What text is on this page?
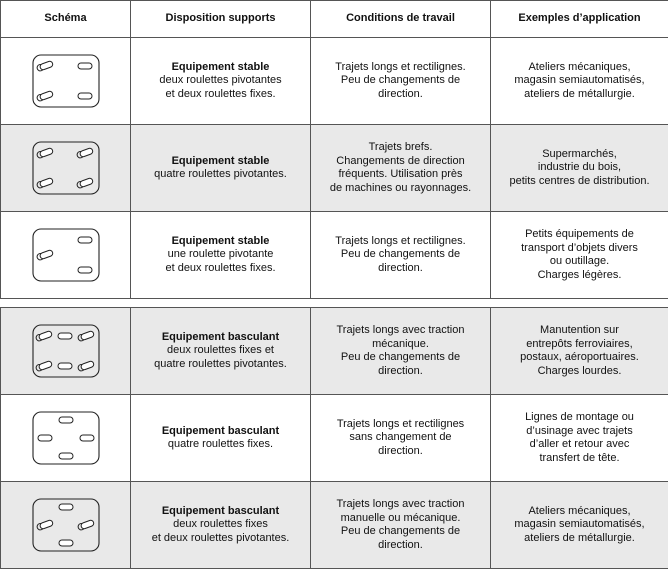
Schéma	Disposition supports	Conditions de travail	Exemples d’application

Equipement stable
deux roulettes pivotantes
et deux roulettes fixes.	Trajets longs et rectilignes.
Peu de changements de
direction.	Ateliers mécaniques,
magasin semiautomatisés,
ateliers de métallurgie.

Equipement stable
quatre roulettes pivotantes.	Trajets brefs.
Changements de direction
fréquents. Utilisation près
de machines ou rayonnages.	Supermarchés,
industrie du bois,
petits centres de distribution.

Equipement stable
une roulette pivotante
et deux roulettes fixes.	Trajets longs et rectilignes.
Peu de changements de
direction.	Petits équipements de
transport d’objets divers
ou outillage.
Charges légères.

Equipement basculant
deux roulettes fixes et
quatre roulettes pivotantes.	Trajets longs avec traction
mécanique.
Peu de changements de
direction.	Manutention sur
entrepôts ferroviaires,
postaux, aéroportuaires.
Charges lourdes.

Equipement basculant
quatre roulettes fixes.	Trajets longs et rectilignes
sans changement de
direction.	Lignes de montage ou
d’usinage avec trajets
d’aller et retour avec
transfert de tête.

Equipement basculant
deux roulettes fixes
et deux roulettes pivotantes.	Trajets longs avec traction
manuelle ou mécanique.
Peu de changements de
direction.	Ateliers mécaniques,
magasin semiautomatisés,
ateliers de métallurgie.
